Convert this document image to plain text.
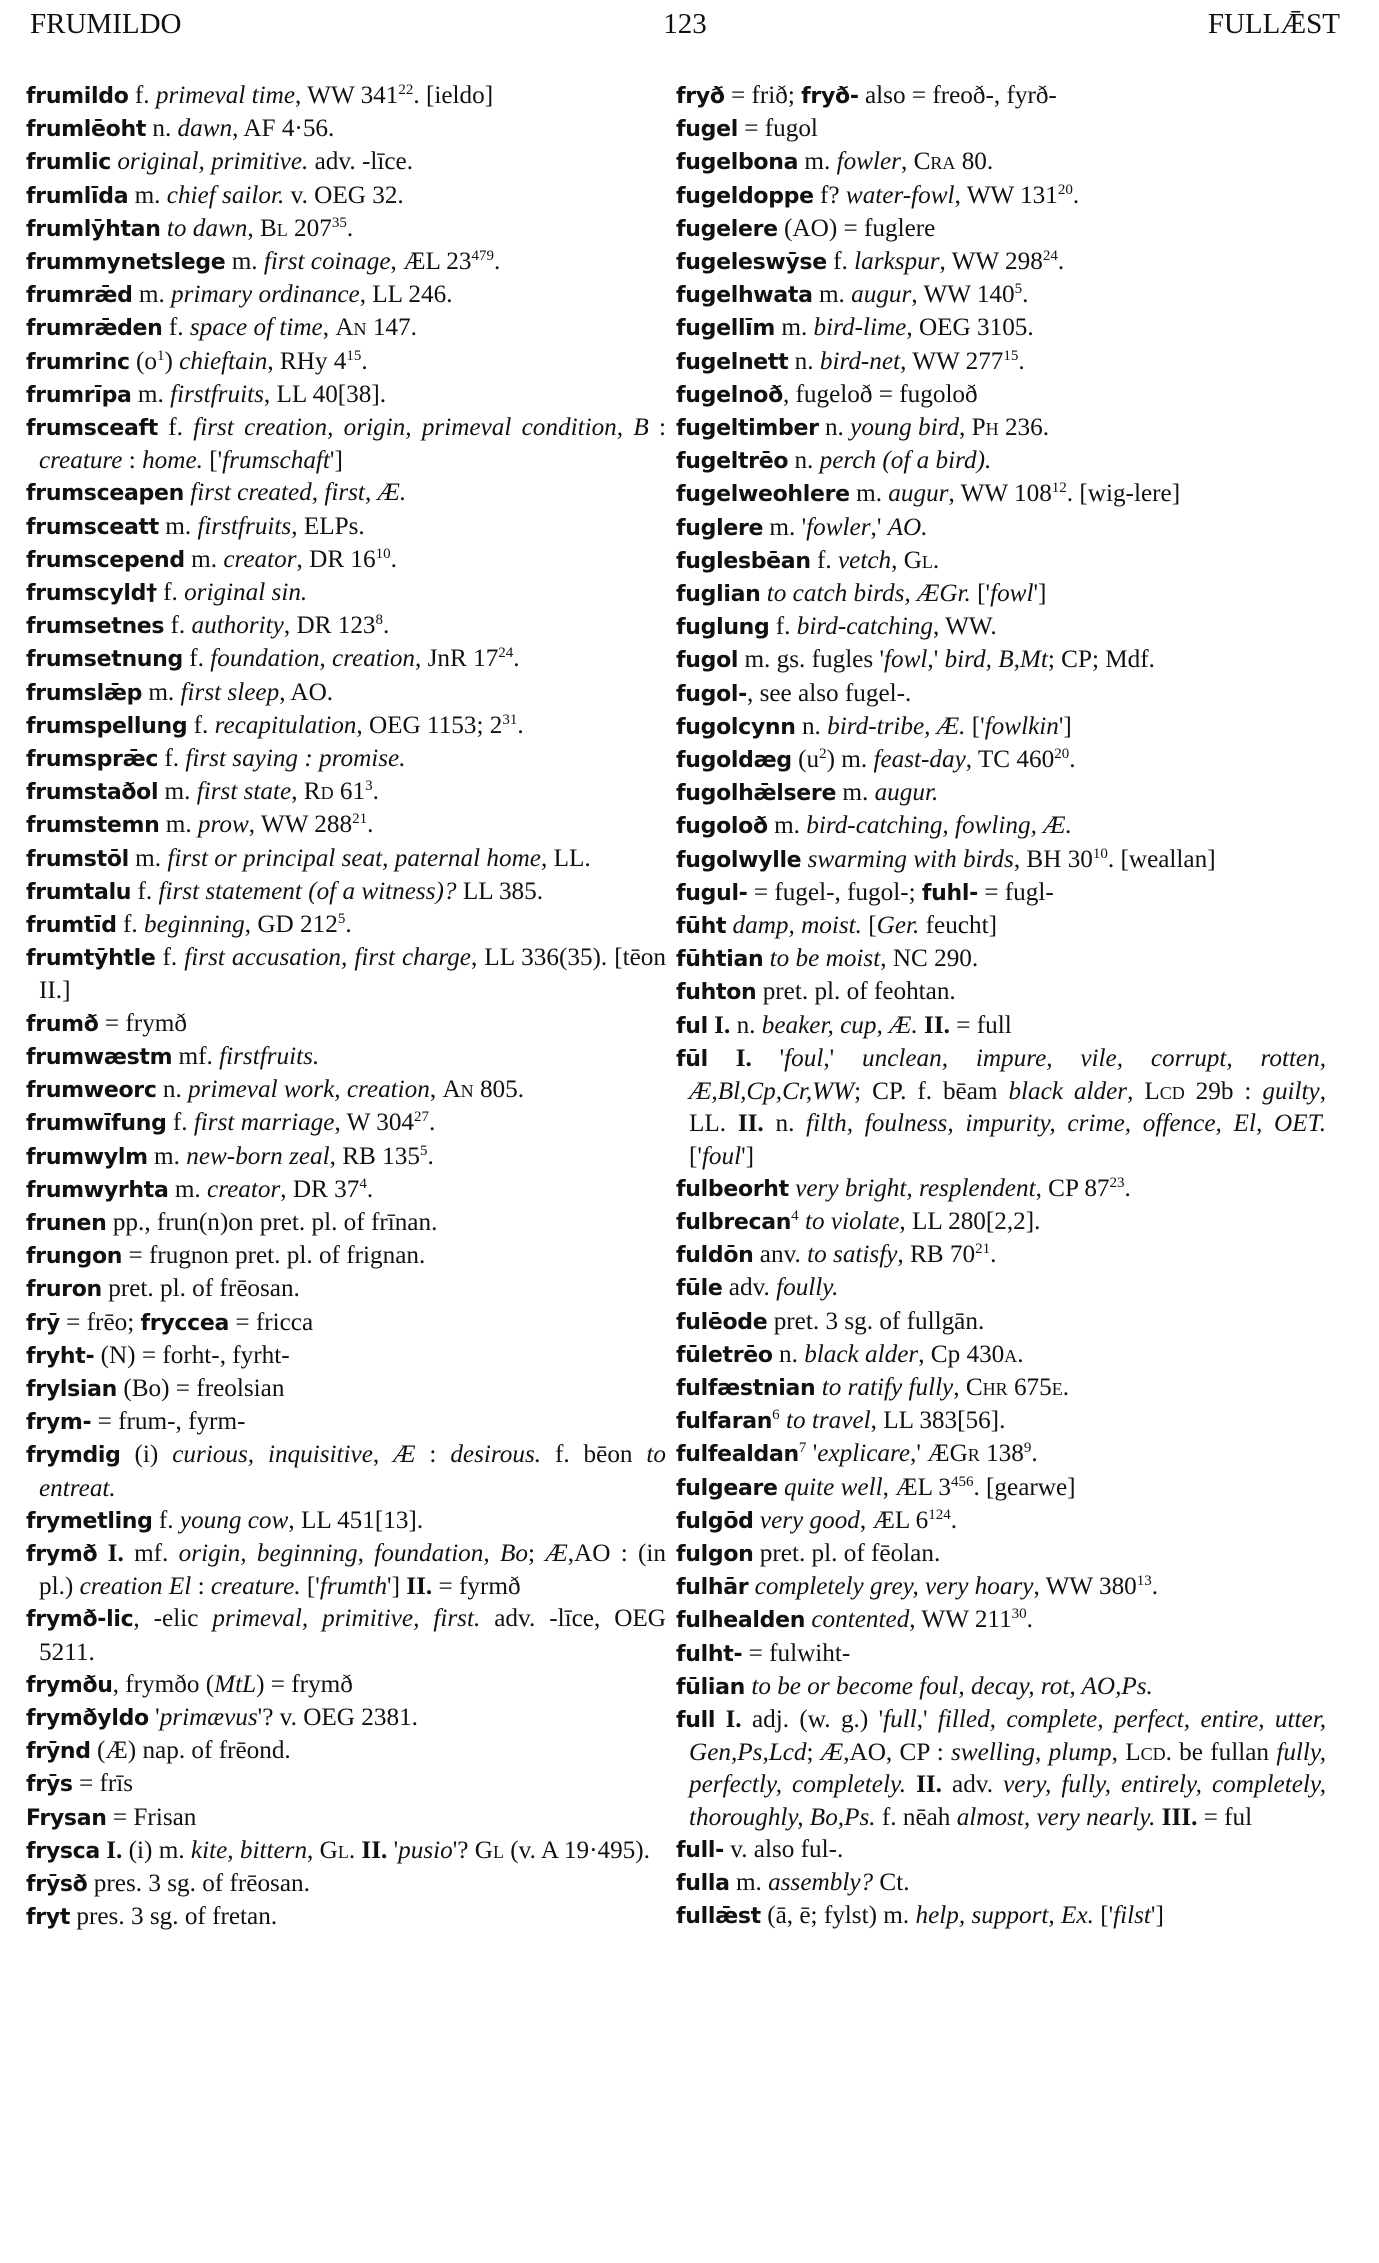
FRUMILDO	123	FULLǢST
frumildo f. primeval time, WW $341^{22}$. [ieldo]
frumlēoht n. dawn, AF 4·56.
frumlic original, primitive. adv. -līce.
frumlīda m. chief sailor. v. OEG 32.
frumlȳhtan to dawn, Bl $207^{35}$.
frummynetslege m. first coinage, ÆL $23^{479}$.
frumrǣd m. primary ordinance, LL 246.
frumrǣden f. space of time, An 147.
frumrinc $(o^1)$ chieftain, RHy $4^{15}$.
frumrīpa m. firstfruits, LL 40[38].
frumsceaft f. first creation, origin, primeval condition, B : creature : home. ['frumschaft']
frumsceapen first created, first, Æ.
frumsceatt m. firstfruits, ELPs.
frumscepend m. creator, DR $16^{10}$.
frumscyld† f. original sin.
frumsetnes f. authority, DR $123^8$.
frumsetnung f. foundation, creation, JnR $17^{24}$.
frumslǣp m. first sleep, AO.
frumspellung f. recapitulation, OEG 1153; $2^{31}$.
frumsprǣc f. first saying : promise.
frumstaðol m. first state, Rd $61^3$.
frumstemn m. prow, WW $288^{21}$.
frumstōl m. first or principal seat, paternal home, LL.
frumtalu f. first statement (of a witness)? LL 385.
frumtīd f. beginning, GD $212^5$.
frumtȳhtle f. first accusation, first charge, LL 336(35). [tēon II.]
frumð = frymð
frumwæstm mf. firstfruits.
frumweorc n. primeval work, creation, An 805.
frumwīfung f. first marriage, W $304^{27}$.
frumwylm m. new-born zeal, RB $135^5$.
frumwyrhta m. creator, DR $37^4$.
frunen pp., frun(n)on pret. pl. of frīnan.
frungon = frugnon pret. pl. of frignan.
fruron pret. pl. of frēosan.
frȳ = frēo; fryccea = fricca
fryht- (N) = forht-, fyrht-
frylsian (Bo) = freolsian
frym- = frum-, fyrm-
frymdig (i) curious, inquisitive, Æ : desirous. f. bēon to entreat.
frymetling f. young cow, LL 451[13].
frymð I. mf. origin, beginning, foundation, Bo; Æ,AO : (in pl.) creation El : creature. ['frumth'] II. = fyrmð
frymð-lic, -elic primeval, primitive, first. adv. -līce, OEG 5211.
frymðu, frymðo (MtL) = frymð
frymðyldo 'primævus'? v. OEG 2381.
frȳnd (Æ) nap. of frēond.
frȳs = frīs
Frysan = Frisan
frysca I. (i) m. kite, bittern, Gl. II. 'pusio'? Gl (v. A 19·495).
frȳsð pres. 3 sg. of frēosan.
fryt pres. 3 sg. of fretan.
fryð = frið; fryð- also = freoð-, fyrð-
fugel = fugol
fugelbona m. fowler, Cra 80.
fugeldoppe f? water-fowl, WW $131^{20}$.
fugelere (AO) = fuglere
fugeleswȳse f. larkspur, WW $298^{24}$.
fugelhwata m. augur, WW $140^5$.
fugellīm m. bird-lime, OEG 3105.
fugelnett n. bird-net, WW $277^{15}$.
fugelnoð, fugeloð = fugoloð
fugeltimber n. young bird, Ph 236.
fugeltrēo n. perch (of a bird).
fugelweohlere m. augur, WW $108^{12}$. [wig-lere]
fuglere m. 'fowler,' AO.
fuglesbēan f. vetch, Gl.
fuglian to catch birds, ÆGr. ['fowl']
fuglung f. bird-catching, WW.
fugol m. gs. fugles 'fowl,' bird, B,Mt; CP; Mdf.
fugol-, see also fugel-.
fugolcynn n. bird-tribe, Æ. ['fowlkin']
fugoldæg $(u^2)$ m. feast-day, TC $460^{20}$.
fugolhǣlsere m. augur.
fugoloð m. bird-catching, fowling, Æ.
fugolwylle swarming with birds, BH $30^{10}$. [weallan]
fugul- = fugel-, fugol-; fuhl- = fugl-
fūht damp, moist. [Ger. feucht]
fūhtian to be moist, NC 290.
fuhton pret. pl. of feohtan.
ful I. n. beaker, cup, Æ. II. = full
fūl I. 'foul,' unclean, impure, vile, corrupt, rotten, Æ,Bl,Cp,Cr,WW; CP. f. bēam black alder, Lcd 29b : guilty, LL. II. n. filth, foulness, impurity, crime, offence, El, OET. ['foul']
fulbeorht very bright, resplendent, CP $87^{23}$.
fulbrecan$^4$ to violate, LL 280[2,2].
fuldōn anv. to satisfy, RB $70^{21}$.
fūle adv. foully.
fulēode pret. 3 sg. of fullgān.
fūletrēo n. black alder, Cp 430a.
fulfæstnian to ratify fully, Chr 675e.
fulfaran$^6$ to travel, LL 383[56].
fulfealdan$^7$ 'explicare,' ÆGr $138^9$.
fulgeare quite well, ÆL $3^{456}$. [gearwe]
fulgōd very good, ÆL $6^{124}$.
fulgon pret. pl. of fēolan.
fulhār completely grey, very hoary, WW $380^{13}$.
fulhealden contented, WW $211^{30}$.
fulht- = fulwiht-
fūlian to be or become foul, decay, rot, AO,Ps.
full I. adj. (w. g.) 'full,' filled, complete, perfect, entire, utter, Gen,Ps,Lcd; Æ,AO, CP : swelling, plump, Lcd. be fullan fully, perfectly, completely. II. adv. very, fully, entirely, completely, thoroughly, Bo,Ps. f. nēah almost, very nearly. III. = ful
full- v. also ful-.
fulla m. assembly? Ct.
fullǣst (ā, ē; fylst) m. help, support, Ex. ['filst']
